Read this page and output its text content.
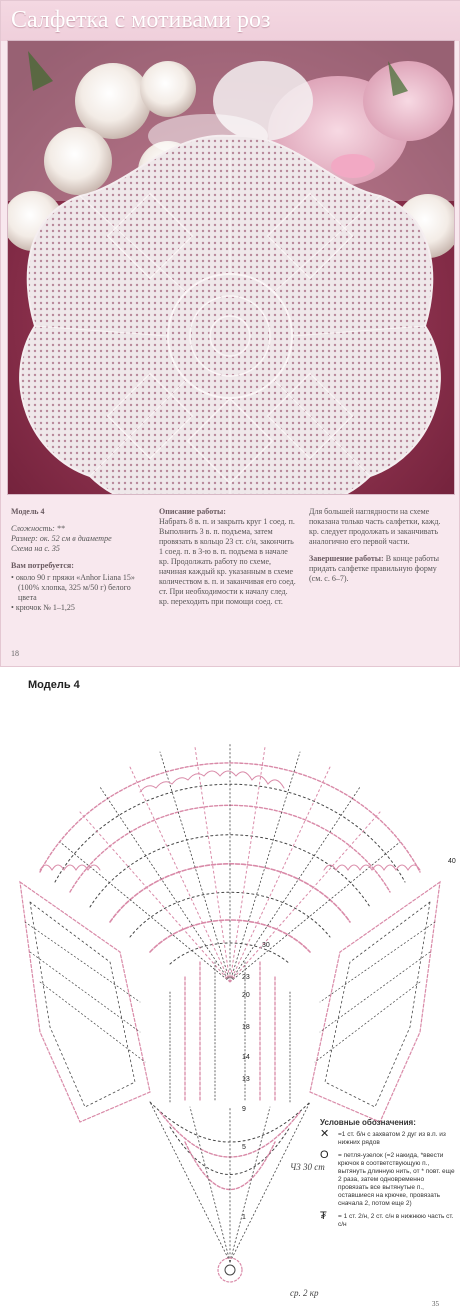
Салфетка с мотивами роз
Модель 4
Сложность: **
Размер: ок. 52 см в диаметре
Схема на с. 35
Вам потребуется:
• около 90 г пряжи «Anhor Liana 15» (100% хлопка, 325 м/50 г) белого цвета
• крючок № 1–1,25
Описание работы:
Набрать 8 в. п. и закрыть круг 1 соед. п. Выполнить 3 в. п. подъема, затем провязать в кольцо 23 ст. с/н, закончить 1 соед. п. в 3-ю в. п. подъема в начале кр. Продолжать работу по схеме, начиная каждый кр. указанным в схеме количеством в. п. и заканчивая его соед. ст. При необходимости к началу след. кр. переходить при помощи соед. ст.
Для большей наглядности на схеме показана только часть салфетки, кажд. кр. следует продолжать и заканчивать аналогично его первой части.
Завершение работы: В конце работы придать салфетке правильную форму (см. с. 6–7).
18
Модель 4
40
30
23
20
18
14
13
9
5
1
Ч3 30 ст
ср. 2 кр
Условные обозначения:
✕ =1 ст. б/н с захватом 2 дуг из в.п. из нижних рядов
Ο = петля-узелок (=2 накида, *ввести крючок в соответствующую п., вытянуть длинную нить, от * повт. еще 2 раза, затем одновременно провязать все вытянутые п., оставшиеся на крючке, провязать сначала 2, потом еще 2)
₮ = 1 ст. 2/н, 2 ст. с/н в нижнюю часть ст. с/н
35
